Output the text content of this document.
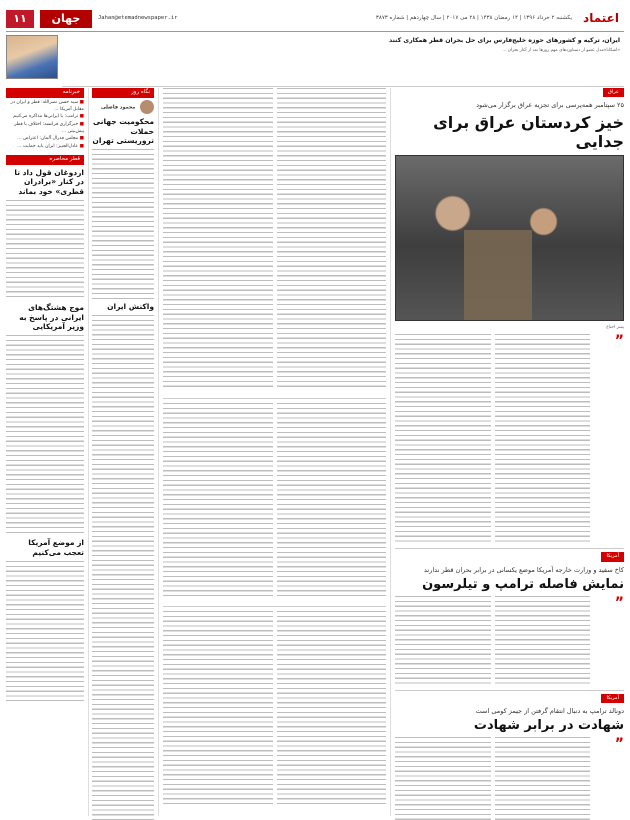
اعتماد
یکشنبه ۲ خرداد ۱۳۹۶ | ۱۴ رمضان ۱۴۳۸ | ۲۸ می ۲۰۱۷ | سال چهاردهم | شماره ۳۸۷۳
Jahan@etemadnewspaper.ir
جهان
۱۱
ایران، ترکیه و کشورهای حوزه خلیج‌فارس برای حل بحران قطر همکاری کنند
«اشکانا»‌مدل عضو از دستاوردهای مهم روزها بعد از آغاز بحران ...
عراق
۲۵ سپتامبر همه‌پرسی برای تجزیه عراق برگزار می‌شود
خیز کردستان عراق برای جدایی
پسر اجتاع
”
آمریکا
کاخ سفید و وزارت خارجه آمریکا موضع یکسانی در برابر بحران قطر ندارند
نمایش فاصله ترامپ و تیلرسون
”
آمریکا
دونالد ترامپ به دنبال انتقام گرفتن از جیمز کومی است
شهادت در برابر شهادت
”
نگاه روز
محمود فاضلی
محکومیت جهانی حملات تروریستی تهران
واکنش ایران
خبرنامه
■ سید حسن نصرالله: قطر و ایران در مقابل آمریکا ...
■ ترامپ: با ایرانی‌ها مذاکره می‌کنیم
■ خبرگزاری فرانسه: اختلاف با قطر پیش‌بینی ...
■ مجلس فدرال آلمان: اعتراض ...
■ عادل‌الجبیر: ایران باید حمایت ...
قطر محاصره
اردوغان قول داد تا در کنار «برادران قطری» خود بماند
موج هشتگ‌های ایرانی در پاسخ به وزیر آمریکایی
از موضع آمریکا تعجب می‌کنیم
